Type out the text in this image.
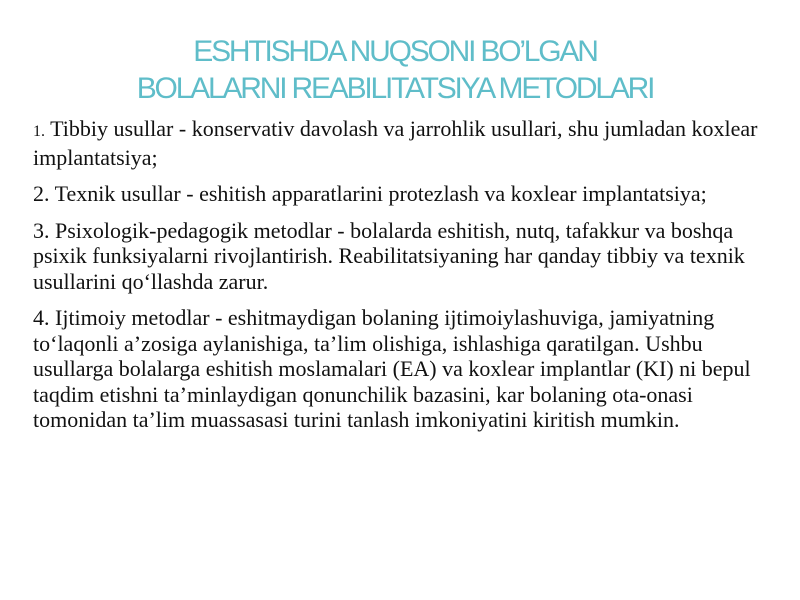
ESHTISHDA NUQSONI BO’LGAN
BOLALARNI REABILITATSIYA METODLARI

1. Tibbiy usullar - konservativ davolash va jarrohlik usullari, shu jumladan koxlear implantatsiya;

2. Texnik usullar - eshitish apparatlarini protezlash va koxlear implantatsiya;

3. Psixologik-pedagogik metodlar - bolalarda eshitish, nutq, tafakkur va boshqa psixik funksiyalarni rivojlantirish. Reabilitatsiyaning har qanday tibbiy va texnik usullarini qo‘llashda zarur.

4. Ijtimoiy metodlar - eshitmaydigan bolaning ijtimoiylashuviga, jamiyatning to‘laqonli a’zosiga aylanishiga, ta’lim olishiga, ishlashiga qaratilgan. Ushbu usullarga bolalarga eshitish moslamalari (EA) va koxlear implantlar (KI) ni bepul taqdim etishni ta’minlaydigan qonunchilik bazasini, kar bolaning ota-onasi tomonidan ta’lim muassasasi turini tanlash imkoniyatini kiritish mumkin.
